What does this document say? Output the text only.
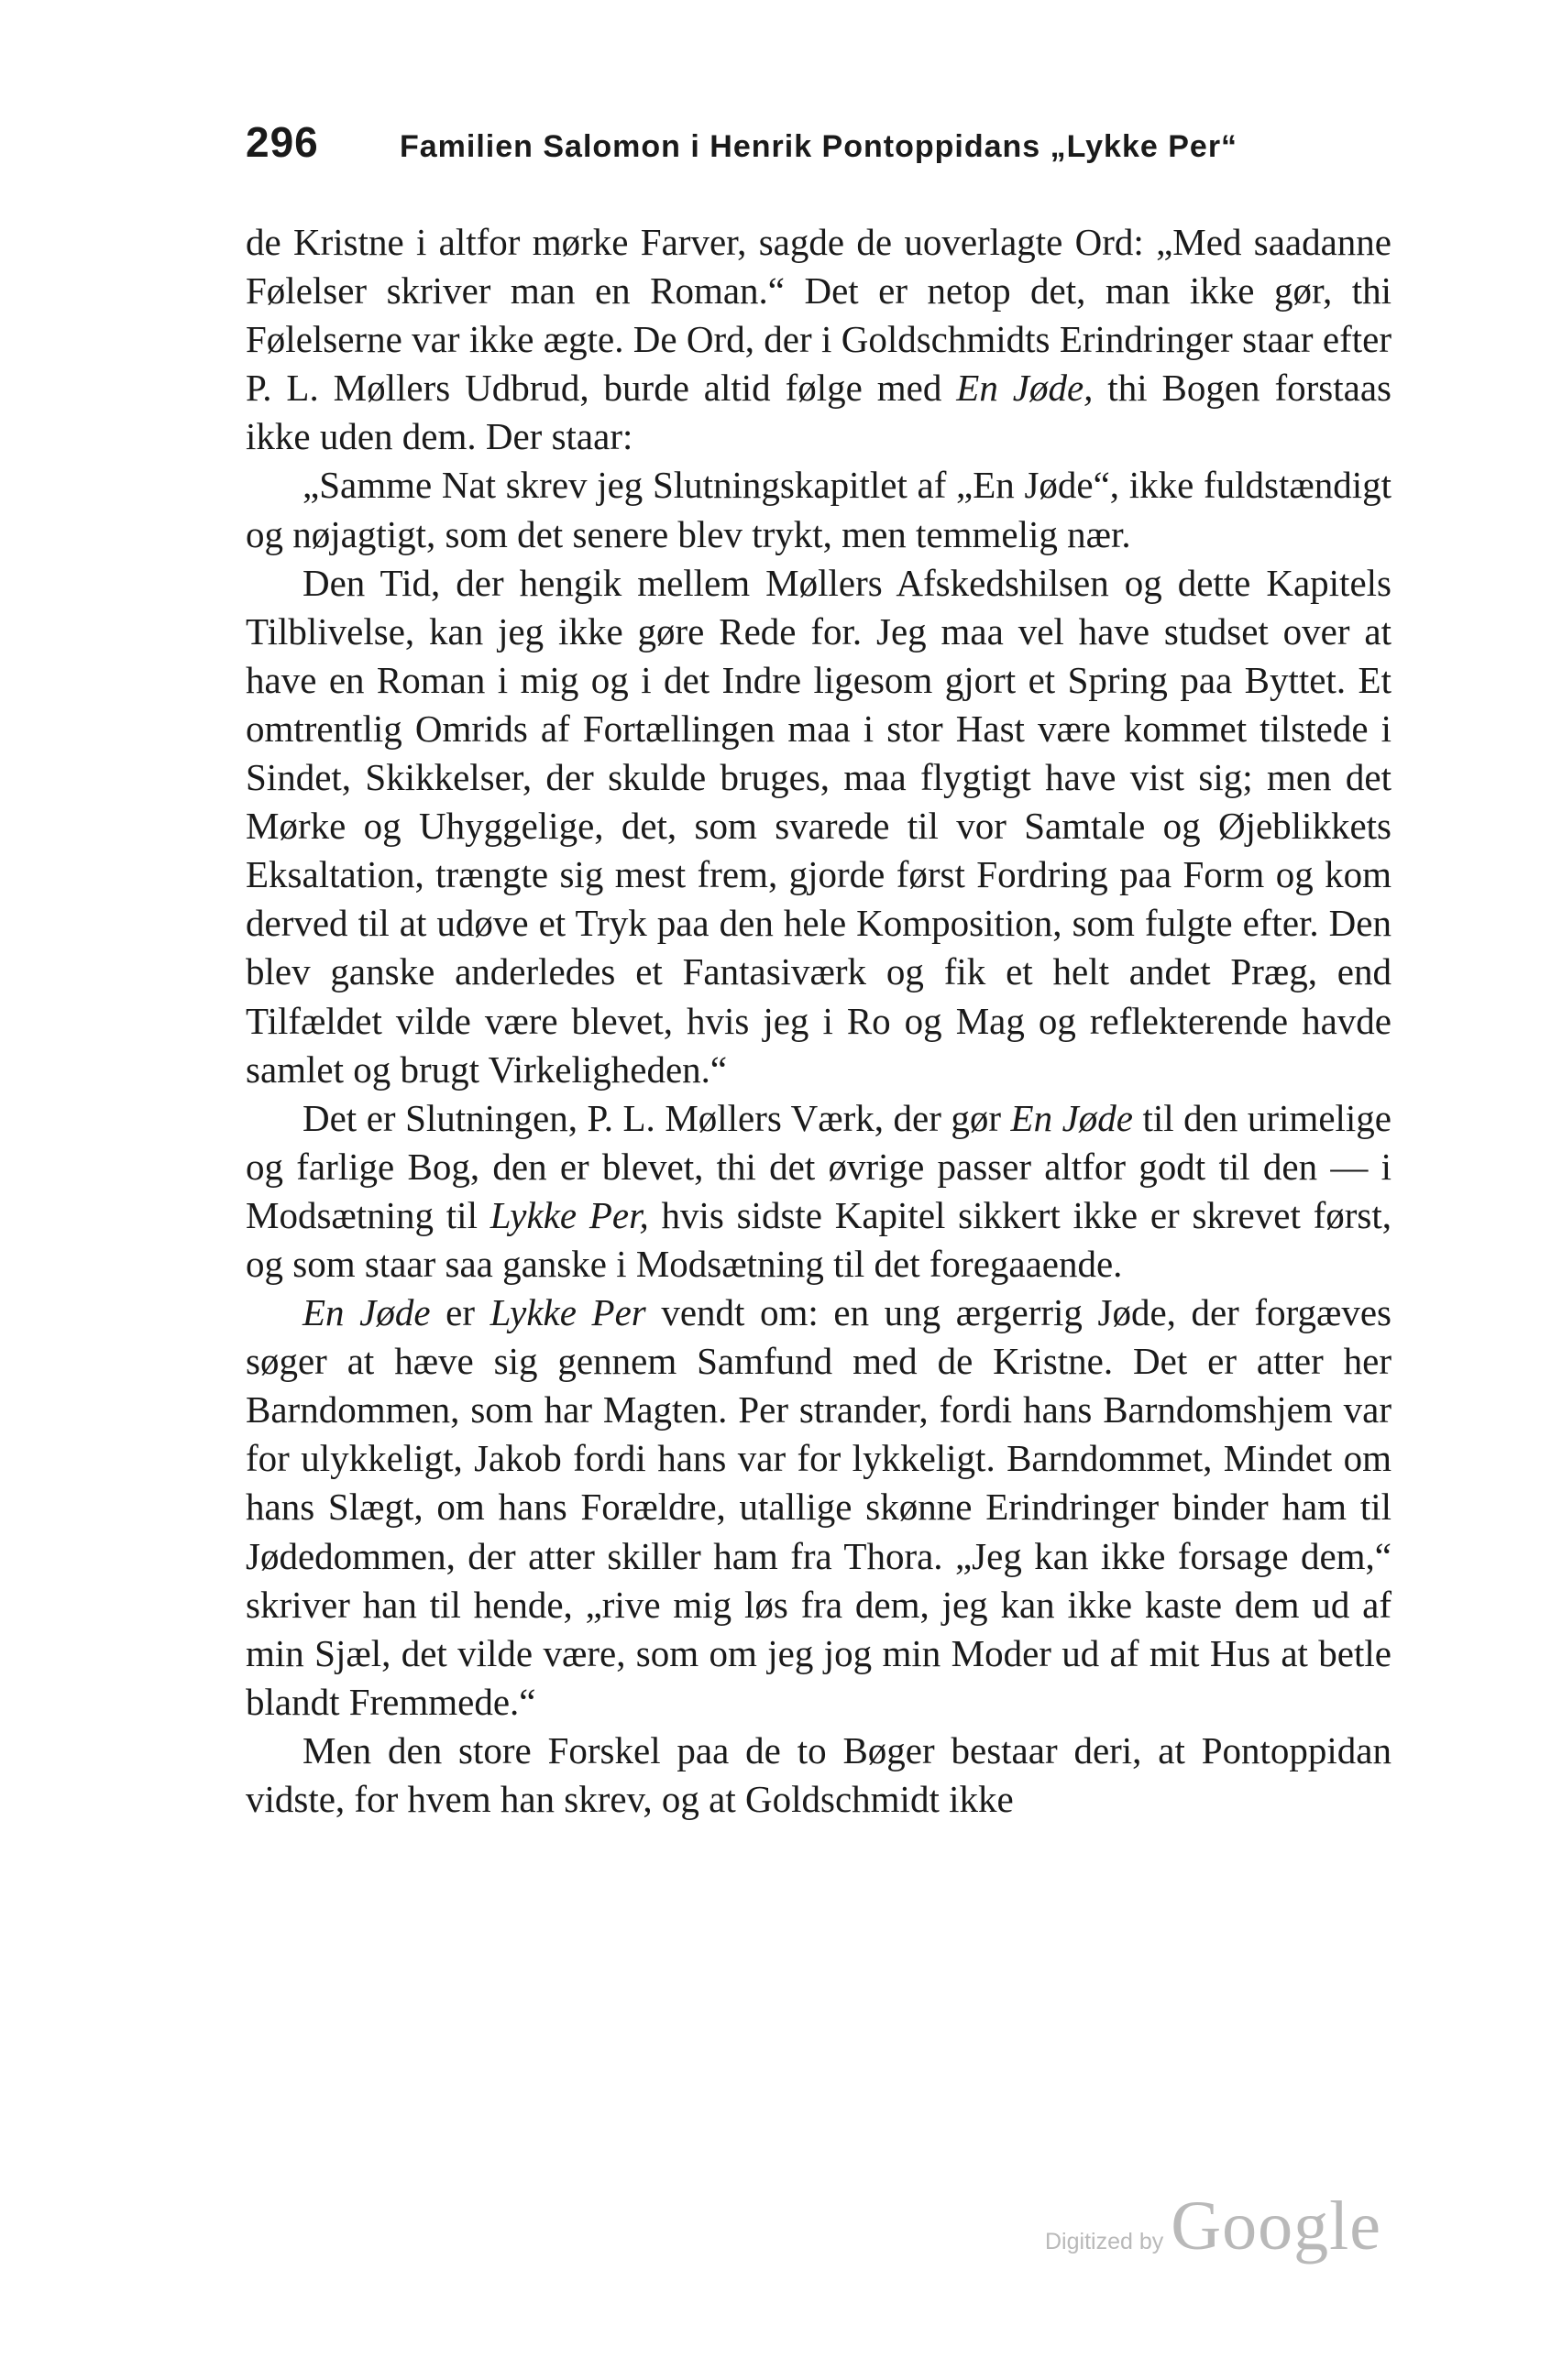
296	Familien Salomon i Henrik Pontoppidans „Lykke Per“

de Kristne i altfor mørke Farver, sagde de uoverlagte Ord: „Med saadanne Følelser skriver man en Roman.“ Det er netop det, man ikke gør, thi Følelserne var ikke ægte. De Ord, der i Goldschmidts Erindringer staar efter P. L. Møllers Udbrud, burde altid følge med En Jøde, thi Bogen forstaas ikke uden dem. Der staar:

„Samme Nat skrev jeg Slutningskapitlet af „En Jøde“, ikke fuldstændigt og nøjagtigt, som det senere blev trykt, men temmelig nær.

Den Tid, der hengik mellem Møllers Afskedshilsen og dette Kapitels Tilblivelse, kan jeg ikke gøre Rede for. Jeg maa vel have studset over at have en Roman i mig og i det Indre ligesom gjort et Spring paa Byttet. Et omtrentlig Omrids af Fortællingen maa i stor Hast være kommet tilstede i Sindet, Skikkelser, der skulde bruges, maa flygtigt have vist sig; men det Mørke og Uhyggelige, det, som svarede til vor Samtale og Øjeblikkets Eksaltation, trængte sig mest frem, gjorde først Fordring paa Form og kom derved til at udøve et Tryk paa den hele Komposition, som fulgte efter. Den blev ganske anderledes et Fantasiværk og fik et helt andet Præg, end Tilfældet vilde være blevet, hvis jeg i Ro og Mag og reflekterende havde samlet og brugt Virkeligheden.“

Det er Slutningen, P. L. Møllers Værk, der gør En Jøde til den urimelige og farlige Bog, den er blevet, thi det øvrige passer altfor godt til den — i Modsætning til Lykke Per, hvis sidste Kapitel sikkert ikke er skrevet først, og som staar saa ganske i Modsætning til det foregaaende.

En Jøde er Lykke Per vendt om: en ung ærgerrig Jøde, der forgæves søger at hæve sig gennem Samfund med de Kristne. Det er atter her Barndommen, som har Magten. Per strander, fordi hans Barndomshjem var for ulykkeligt, Jakob fordi hans var for lykkeligt. Barndommet, Mindet om hans Slægt, om hans Forældre, utallige skønne Erindringer binder ham til Jødedommen, der atter skiller ham fra Thora. „Jeg kan ikke forsage dem,“ skriver han til hende, „rive mig løs fra dem, jeg kan ikke kaste dem ud af min Sjæl, det vilde være, som om jeg jog min Moder ud af mit Hus at betle blandt Fremmede.“

Men den store Forskel paa de to Bøger bestaar deri, at Pontoppidan vidste, for hvem han skrev, og at Goldschmidt ikke

Digitized by Google
